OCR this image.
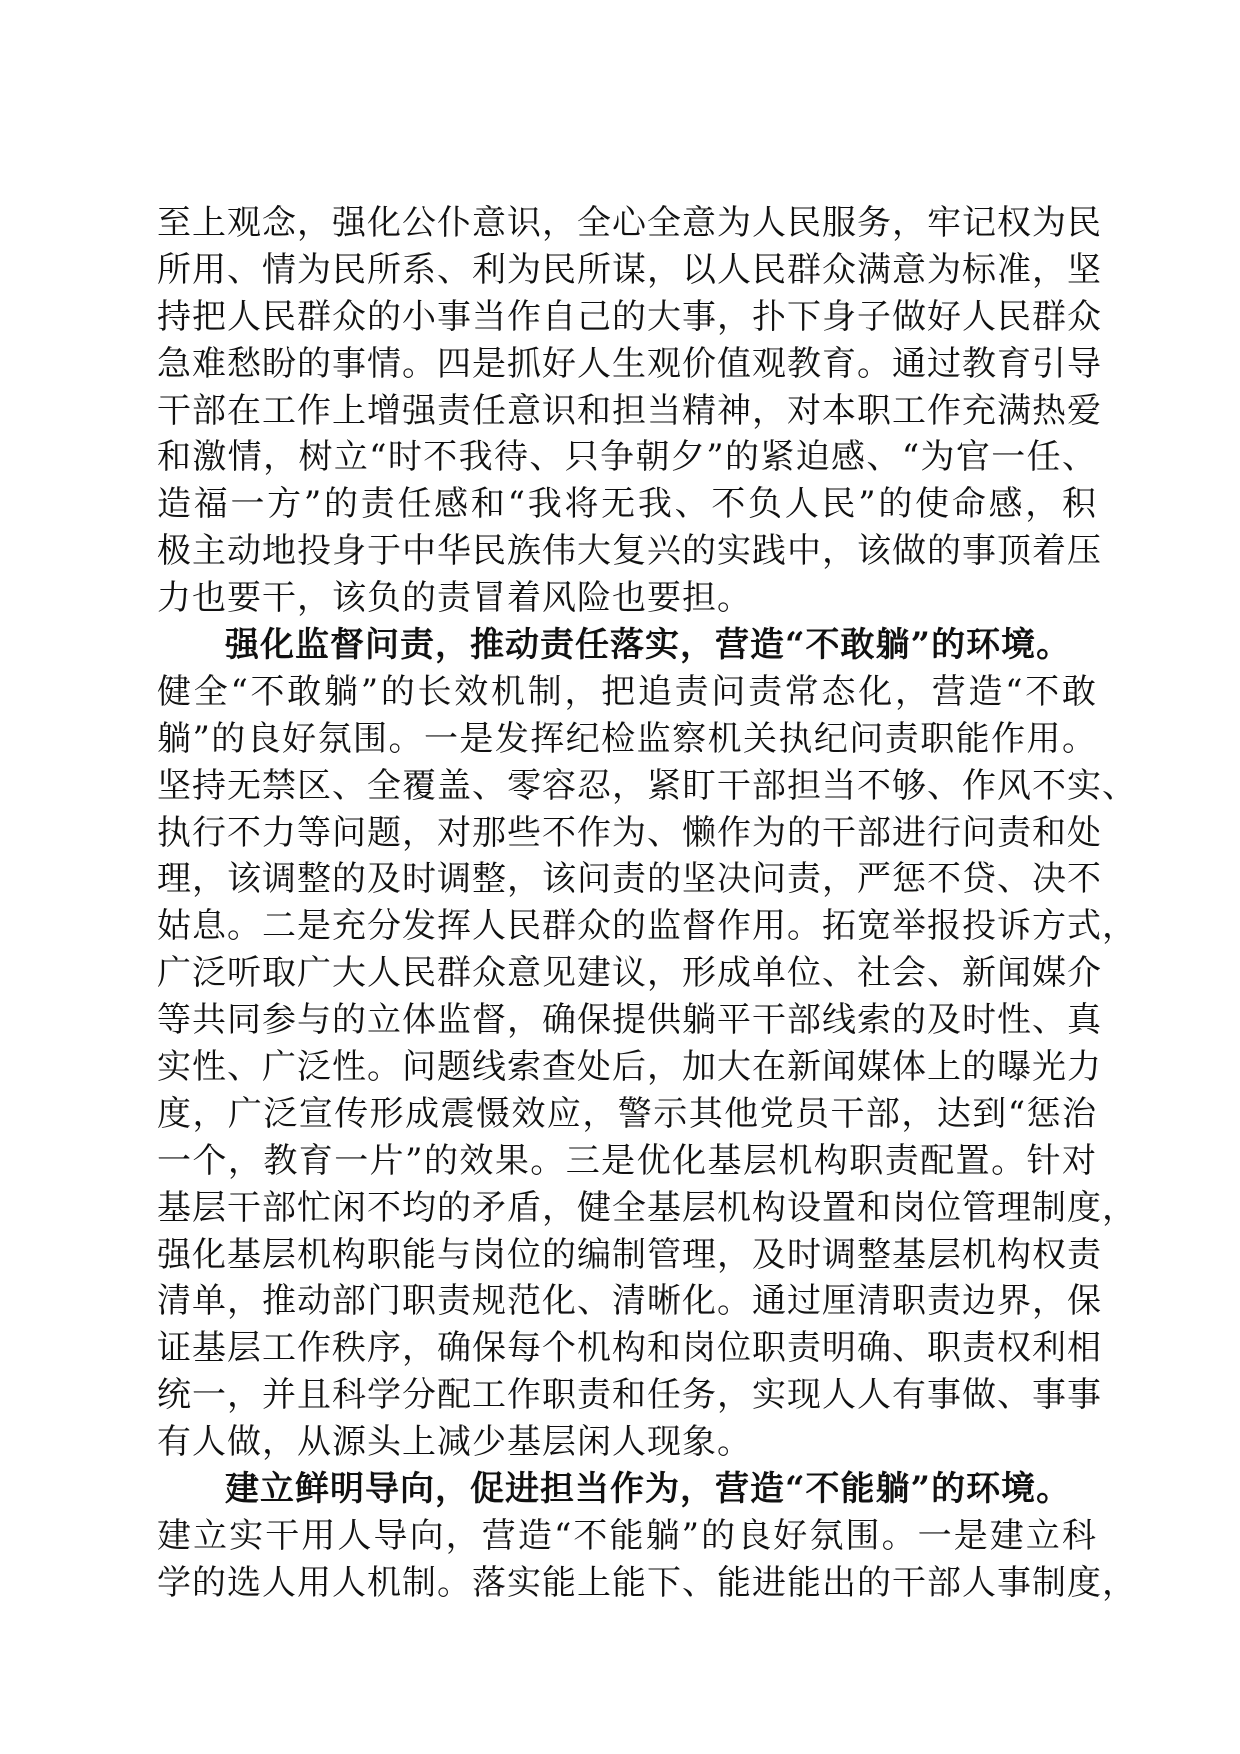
至上观念，强化公仆意识，全心全意为人民服务，牢记权为民
所用、情为民所系、利为民所谋，以人民群众满意为标准，坚
持把人民群众的小事当作自己的大事，扑下身子做好人民群众
急难愁盼的事情。四是抓好人生观价值观教育。通过教育引导
干部在工作上增强责任意识和担当精神，对本职工作充满热爱
和激情，树立“时不我待、只争朝夕”的紧迫感、“为官一任、
造福一方”的责任感和“我将无我、不负人民”的使命感，积
极主动地投身于中华民族伟大复兴的实践中，该做的事顶着压
力也要干，该负的责冒着风险也要担。
强化监督问责，推动责任落实，营造“不敢躺”的环境。
健全“不敢躺”的长效机制，把追责问责常态化，营造“不敢
躺”的良好氛围。一是发挥纪检监察机关执纪问责职能作用。
坚持无禁区、全覆盖、零容忍，紧盯干部担当不够、作风不实、
执行不力等问题，对那些不作为、懒作为的干部进行问责和处
理，该调整的及时调整，该问责的坚决问责，严惩不贷、决不
姑息。二是充分发挥人民群众的监督作用。拓宽举报投诉方式，
广泛听取广大人民群众意见建议，形成单位、社会、新闻媒介
等共同参与的立体监督，确保提供躺平干部线索的及时性、真
实性、广泛性。问题线索查处后，加大在新闻媒体上的曝光力
度，广泛宣传形成震慑效应，警示其他党员干部，达到“惩治
一个，教育一片”的效果。三是优化基层机构职责配置。针对
基层干部忙闲不均的矛盾，健全基层机构设置和岗位管理制度，
强化基层机构职能与岗位的编制管理，及时调整基层机构权责
清单，推动部门职责规范化、清晰化。通过厘清职责边界，保
证基层工作秩序，确保每个机构和岗位职责明确、职责权利相
统一，并且科学分配工作职责和任务，实现人人有事做、事事
有人做，从源头上减少基层闲人现象。
建立鲜明导向，促进担当作为，营造“不能躺”的环境。
建立实干用人导向，营造“不能躺”的良好氛围。一是建立科
学的选人用人机制。落实能上能下、能进能出的干部人事制度，
